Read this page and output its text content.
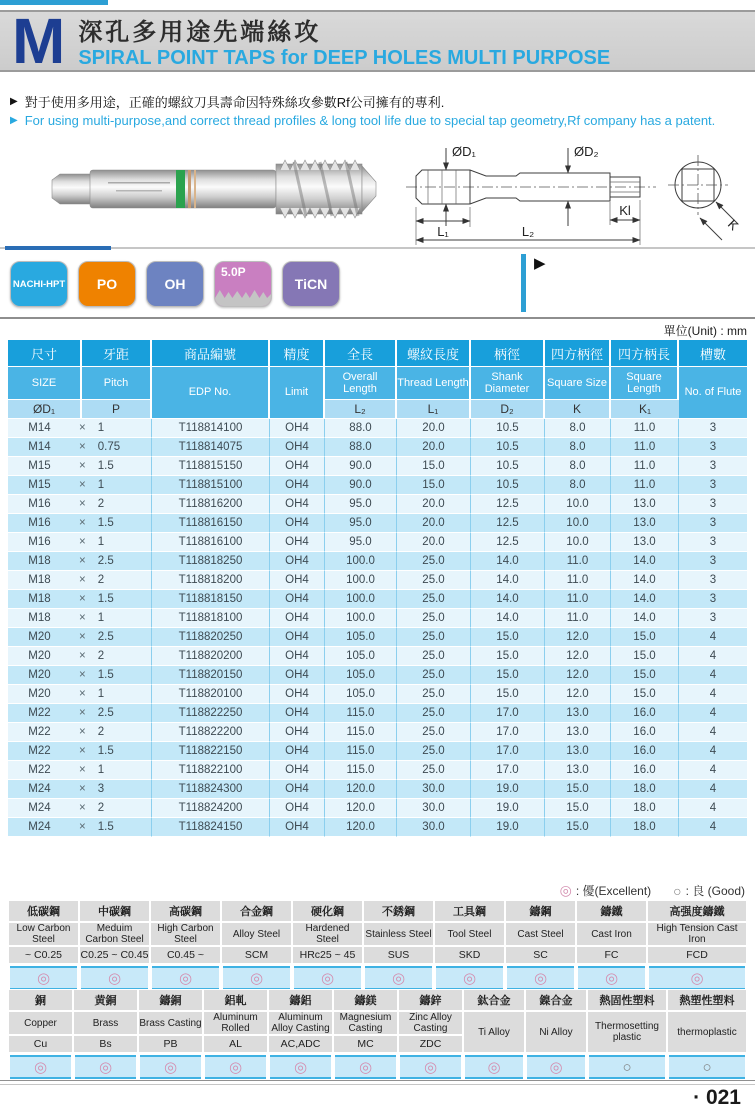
M 深孔多用途先端絲攻
SPIRAL POINT TAPS for DEEP HOLES MULTI PURPOSE
▶ 對于使用多用途，正確的螺紋刀具壽命因特殊絲攻參數Rf公司擁有的專利.
▶ For using multi-purpose,and correct thread profiles & long tool life due to special tap geometry,Rf company has a patent.
ØD₁	ØD₂
L₁
Kl
L₂	K
NACHI-HPT PO	OH
5.0P
TiCN
▶
單位(Unit) : mm
尺寸	牙距	商品編號	精度	全長	螺紋長度	柄徑	四方柄徑	四方柄長	槽數
SIZE	Pitch	EDP No.	Limit	Overall Length	Thread Length	Shank Diameter	Square Size	Square Length	No. of Flute
ØD₁	P			L₂	L₁	D₂	K	K₁	

M14 × 1		T118814100	OH4	88.0	20.0	10.5	8.0	11.0	3

M14 × 0.75		T118814075	OH4	88.0	20.0	10.5	8.0	11.0	3

M15 × 1.5		T118815150	OH4	90.0	15.0	10.5	8.0	11.0	3

M15 × 1		T118815100	OH4	90.0	15.0	10.5	8.0	11.0	3

M16 × 2		T118816200	OH4	95.0	20.0	12.5	10.0	13.0	3

M16 × 1.5		T118816150	OH4	95.0	20.0	12.5	10.0	13.0	3

M16 × 1		T118816100	OH4	95.0	20.0	12.5	10.0	13.0	3

M18 × 2.5		T118818250	OH4	100.0	25.0	14.0	11.0	14.0	3

M18 × 2		T118818200	OH4	100.0	25.0	14.0	11.0	14.0	3

M18 × 1.5		T118818150	OH4	100.0	25.0	14.0	11.0	14.0	3

M18 × 1		T118818100	OH4	100.0	25.0	14.0	11.0	14.0	3

M20 × 2.5		T118820250	OH4	105.0	25.0	15.0	12.0	15.0	4

M20 × 2		T118820200	OH4	105.0	25.0	15.0	12.0	15.0	4

M20 × 1.5		T118820150	OH4	105.0	25.0	15.0	12.0	15.0	4

M20 × 1		T118820100	OH4	105.0	25.0	15.0	12.0	15.0	4

M22 × 2.5		T118822250	OH4	115.0	25.0	17.0	13.0	16.0	4

M22 × 2		T118822200	OH4	115.0	25.0	17.0	13.0	16.0	4

M22 × 1.5		T118822150	OH4	115.0	25.0	17.0	13.0	16.0	4

M22 × 1		T118822100	OH4	115.0	25.0	17.0	13.0	16.0	4

M24 × 3		T118824300	OH4	120.0	30.0	19.0	15.0	18.0	4

M24 × 2		T118824200	OH4	120.0	30.0	19.0	15.0	18.0	4

M24 × 1.5		T118824150	OH4	120.0	30.0	19.0	15.0	18.0	4
◎ : 優(Excellent) ○ : 良 (Good)
低碳鋼	中碳鋼	高碳鋼	合金鋼	硬化鋼	不銹鋼	工具鋼	鑄鋼	鑄鐵	高强度鑄鐵
Low Carbon Steel	Meduim Carbon Steel	High Carbon Steel	Alloy Steel	Hardened Steel	Stainless Steel	Tool Steel	Cast Steel	Cast Iron	High Tension Cast Iron
~ C0.25	C0.25 ~ C0.45	C0.45 ~	SCM	HRc25 ~ 45	SUS	SKD	SC	FC	FCD
◎	◎	◎	◎	◎	◎	◎	◎	◎	◎
銅	黄銅	鑄銅	鋁軋	鑄鋁	鑄鎂	鑄鋅	鈦合金	鎳合金	熱固性塑料	熱塑性塑料
Copper	Brass	Brass Casting	Aluminum Rolled	Aluminum Alloy Casting	Magnesium Casting	Zinc Alloy Casting	Ti Alloy	Ni Alloy	Thermosetting plastic	thermoplastic
Cu	Bs	PB	AL	AC,ADC	MC	ZDC				
◎	◎	◎	◎	◎	◎	◎	◎	◎	○	○
· 021
